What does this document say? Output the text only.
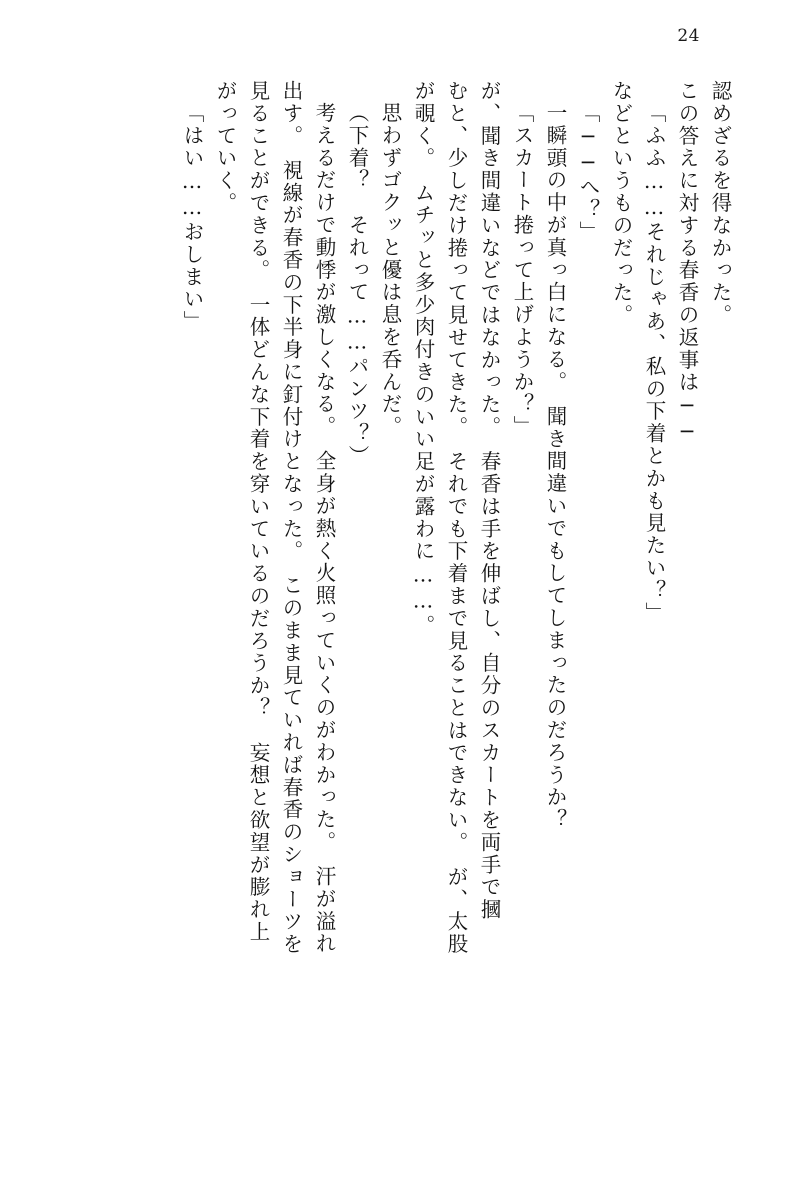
24
認めざるを得なかった。
この答えに対する春香の返事は──
「ふふ……それじゃあ、私の下着とかも見たい？」
などというものだった。
「──へ？」
一瞬頭の中が真っ白になる。　聞き間違いでもしてしまったのだろうか？
「スカート捲って上げようか？」
が、聞き間違いなどではなかった。　春香は手を伸ばし、自分のスカートを両手で摑
むと、少しだけ捲って見せてきた。　それでも下着まで見ることはできない。　が、太股
が覗く。　ムチッと多少肉付きのいい足が露わに……。
思わずゴクッと優は息を呑んだ。
（下着？　それって……パンツ？）
考えるだけで動悸が激しくなる。　全身が熱く火照っていくのがわかった。　汗が溢れ
出す。　視線が春香の下半身に釘付けとなった。　このまま見ていれば春香のショーツを
見ることができる。　一体どんな下着を穿いているのだろうか？　妄想と欲望が膨れ上
がっていく。
「はい……おしまい」
